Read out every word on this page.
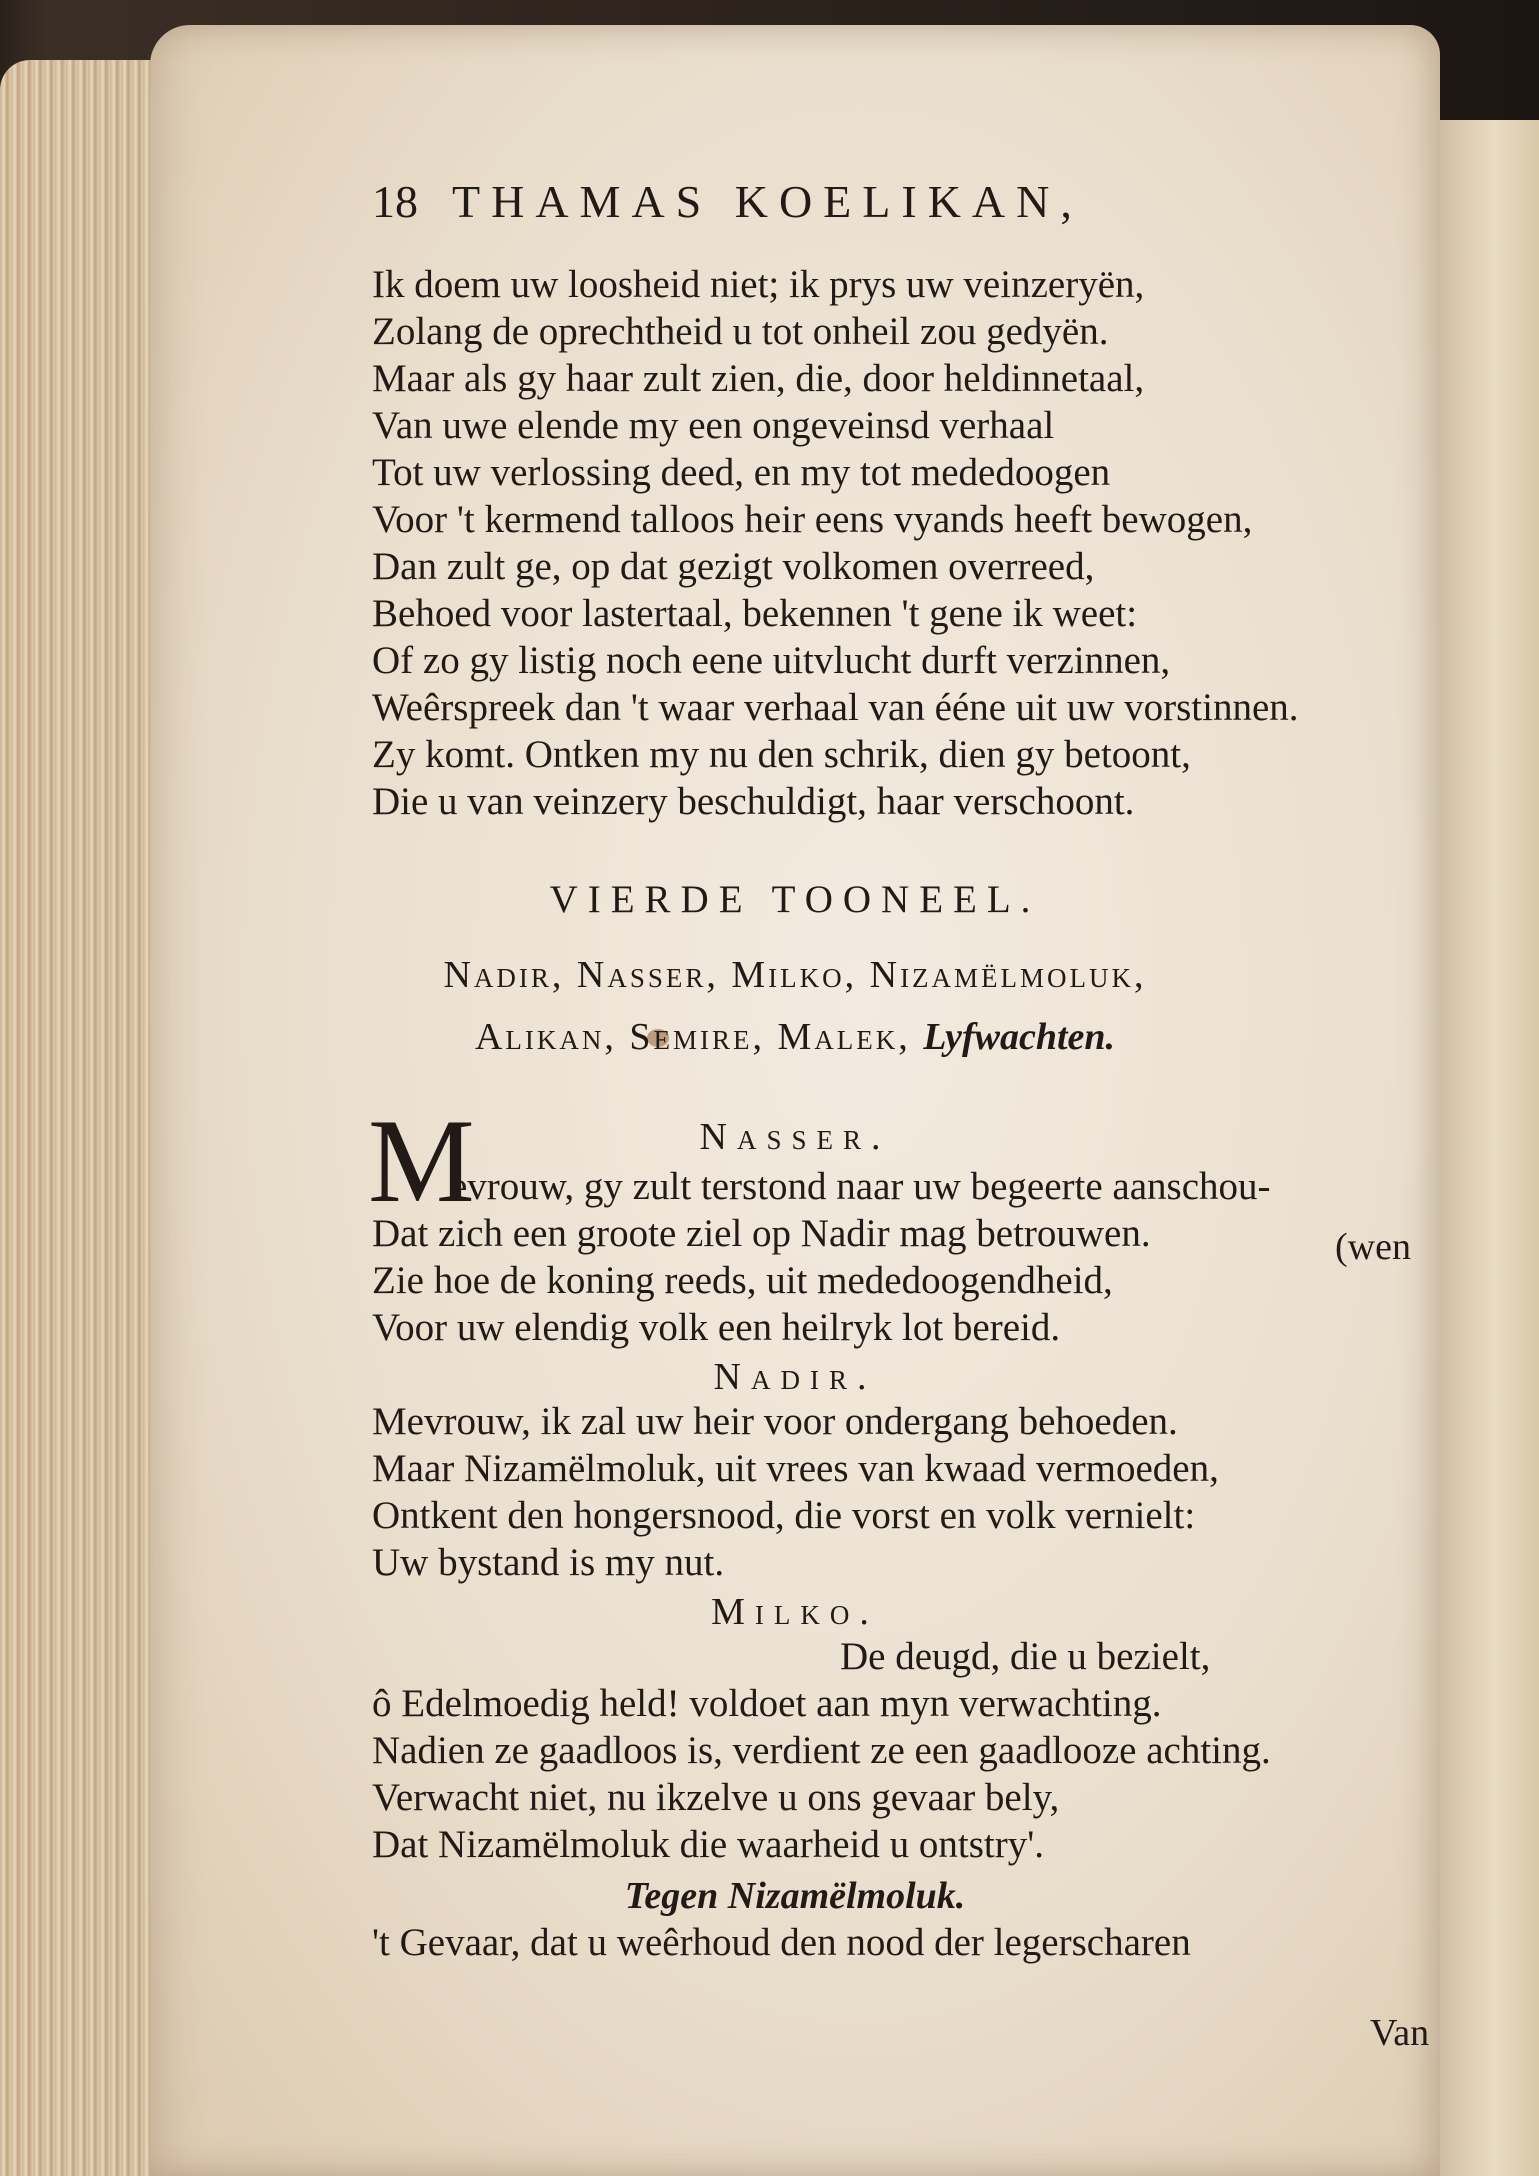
18 THAMAS KOELIKAN,
Ik doem uw loosheid niet; ik prys uw veinzeryën,
Zolang de oprechtheid u tot onheil zou gedyën.
Maar als gy haar zult zien, die, door heldinnetaal,
Van uwe elende my een ongeveinsd verhaal
Tot uw verlossing deed, en my tot mededoogen
Voor 't kermend talloos heir eens vyands heeft bewogen,
Dan zult ge, op dat gezigt volkomen overreed,
Behoed voor lastertaal, bekennen 't gene ik weet:
Of zo gy listig noch eene uitvlucht durft verzinnen,
Weêrspreek dan 't waar verhaal van ééne uit uw vorstinnen.
Zy komt. Ontken my nu den schrik, dien gy betoont,
Die u van veinzery beschuldigt, haar verschoont.
VIERDE TOONEEL.
Nadir, Nasser, Milko, Nizamëlmoluk,
Alikan, Semire, Malek, Lyfwachten.
Nasser.
M
evrouw, gy zult terstond naar uw begeerte aanschou-
Dat zich een groote ziel op Nadir mag betrouwen.	(wen
Zie hoe de koning reeds, uit mededoogendheid,
Voor uw elendig volk een heilryk lot bereid.
Nadir.
Mevrouw, ik zal uw heir voor ondergang behoeden.
Maar Nizamëlmoluk, uit vrees van kwaad vermoeden,
Ontkent den hongersnood, die vorst en volk vernielt:
Uw bystand is my nut.
Milko.
De deugd, die u bezielt,
ô Edelmoedig held! voldoet aan myn verwachting.
Nadien ze gaadloos is, verdient ze een gaadlooze achting.
Verwacht niet, nu ikzelve u ons gevaar bely,
Dat Nizamëlmoluk die waarheid u ontstry'.
Tegen Nizamëlmoluk.
't Gevaar, dat u weêrhoud den nood der legerscharen
Van
